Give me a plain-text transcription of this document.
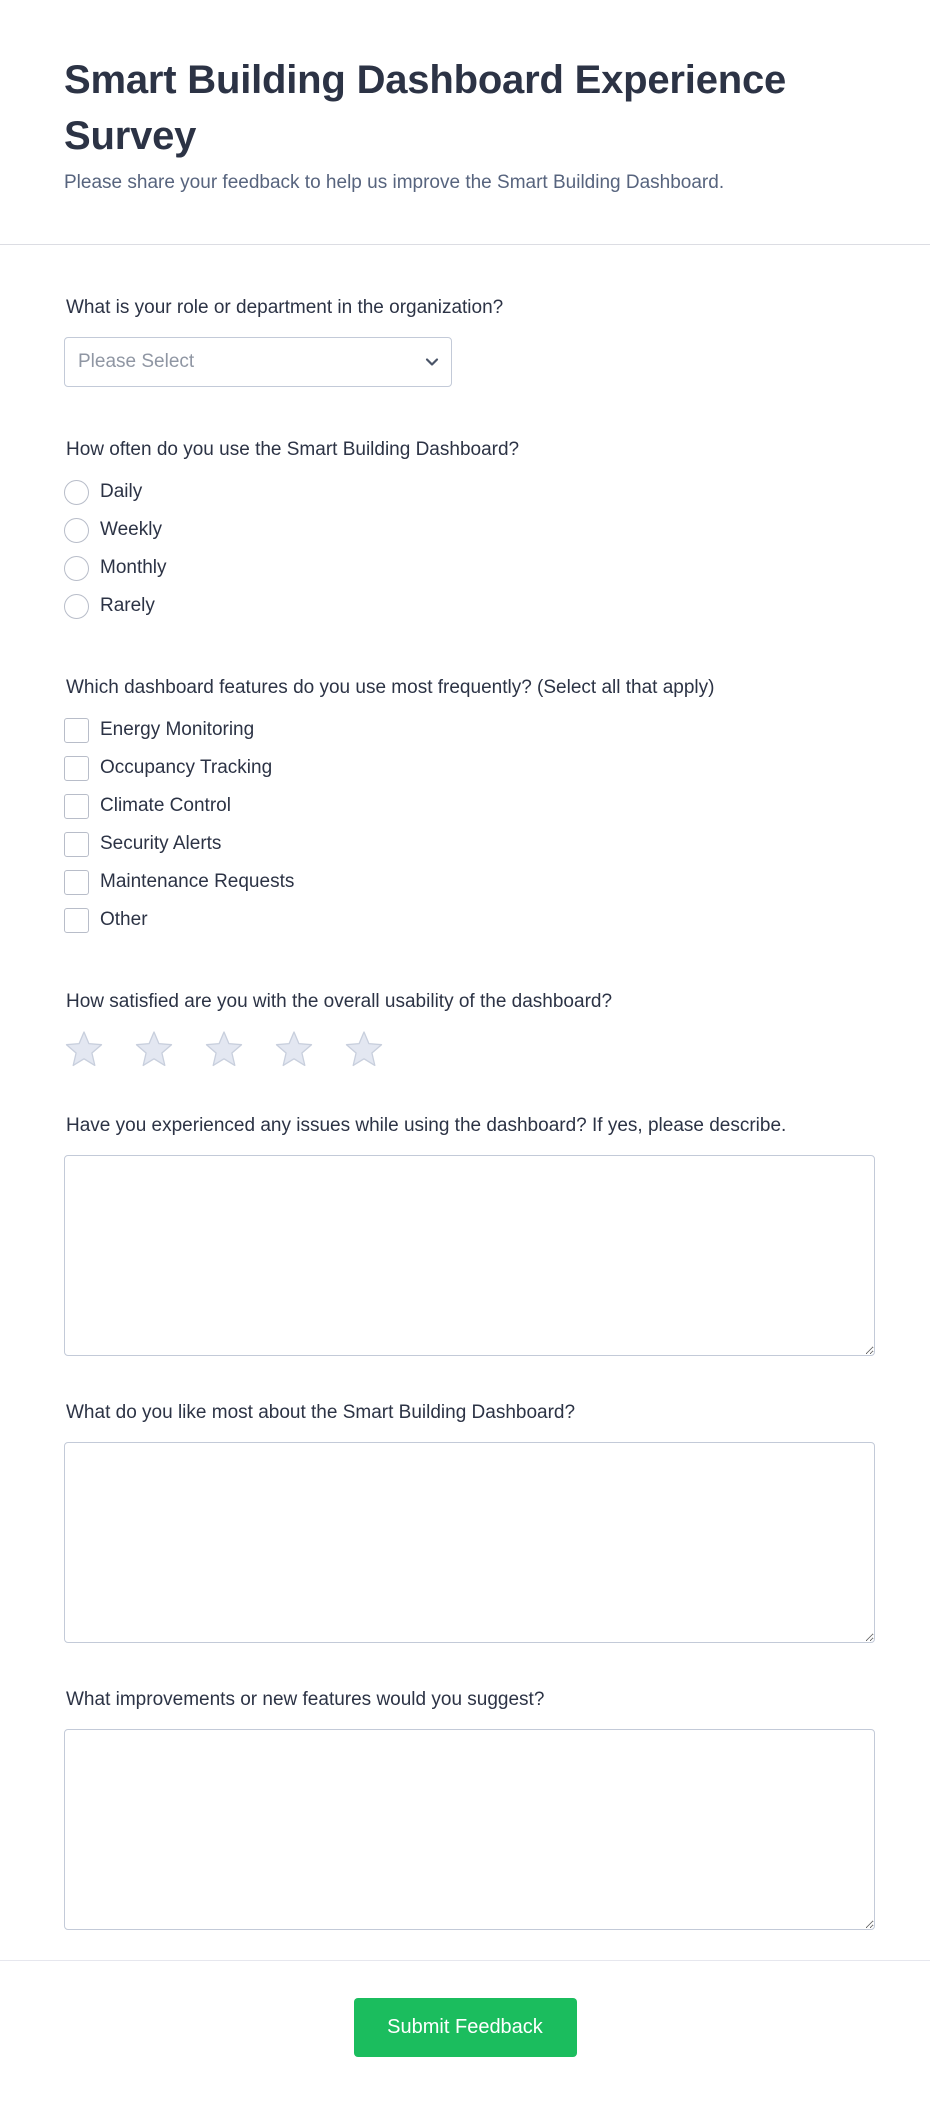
Smart Building Dashboard Experience Survey

Please share your feedback to help us improve the Smart Building Dashboard.

What is your role or department in the organization?
Please Select
How often do you use the Smart Building Dashboard?
Daily
Weekly
Monthly
Rarely
Which dashboard features do you use most frequently? (Select all that apply)
Energy Monitoring
Occupancy Tracking
Climate Control
Security Alerts
Maintenance Requests
Other
How satisfied are you with the overall usability of the dashboard?
Have you experienced any issues while using the dashboard? If yes, please describe.
What do you like most about the Smart Building Dashboard?
What improvements or new features would you suggest?
Submit Feedback
